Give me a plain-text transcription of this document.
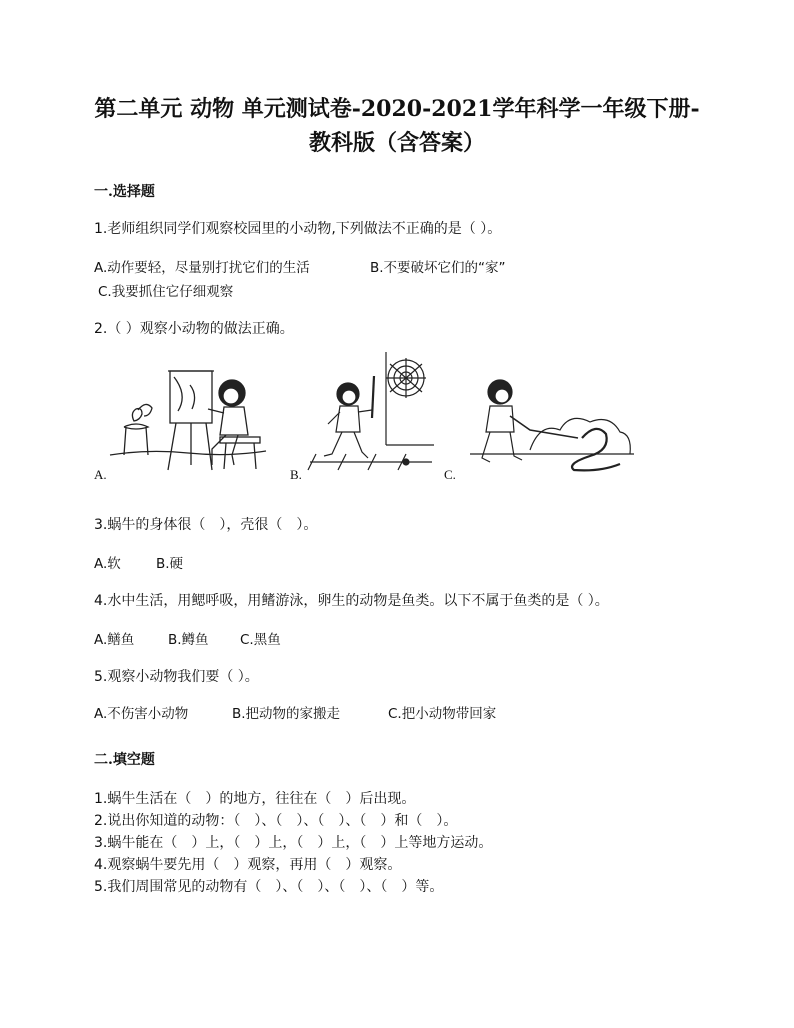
第二单元 动物 单元测试卷-2020-2021学年科学一年级下册-
教科版（含答案）
一.选择题
1.老师组织同学们观察校园里的小动物,下列做法不正确的是（ ）。
A.动作要轻，尽量别打扰它们的生活	B.不要破坏它们的“家”
C.我要抓住它仔细观察
2.（ ）观察小动物的做法正确。
A.	B.	C.
3.蜗牛的身体很（　），壳很（　）。
A.软	B.硬
4.水中生活，用鳃呼吸，用鳍游泳，卵生的动物是鱼类。以下不属于鱼类的是（ ）。
A.鳝鱼 B.鳟鱼 C.黑鱼
5.观察小动物我们要（ ）。
A.不伤害小动物	B.把动物的家搬走	C.把小动物带回家
二.填空题
1.蜗牛生活在（　）的地方，往往在（　）后出现。
2.说出你知道的动物：（　）、（　）、（　）、（　）和（　）。
3.蜗牛能在（　）上，（　）上，（　）上，（　）上等地方运动。
4.观察蜗牛要先用（　）观察，再用（　）观察。
5.我们周围常见的动物有（　）、（　）、（　）、（　）等。
